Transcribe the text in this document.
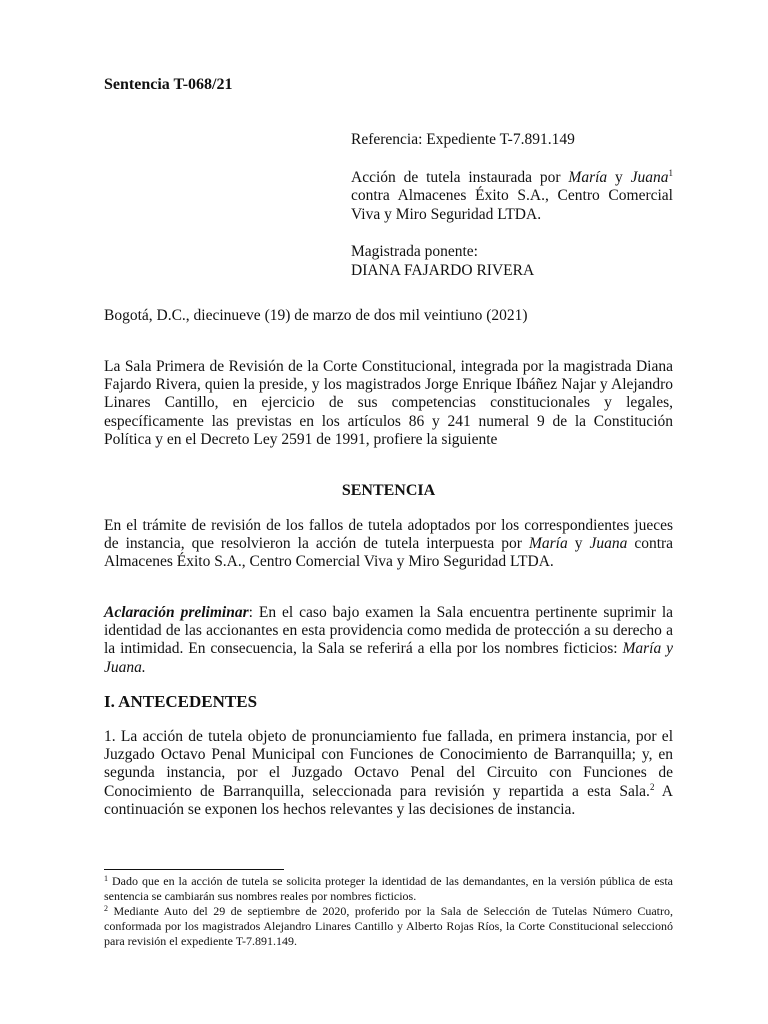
Sentencia T-068/21

Referencia: Expediente T-7.891.149

Acción de tutela instaurada por María y Juana$^1$ contra Almacenes Éxito S.A., Centro Comercial Viva y Miro Seguridad LTDA.

Magistrada ponente:
DIANA FAJARDO RIVERA

Bogotá, D.C., diecinueve (19) de marzo de dos mil veintiuno (2021)

La Sala Primera de Revisión de la Corte Constitucional, integrada por la magistrada Diana Fajardo Rivera, quien la preside, y los magistrados Jorge Enrique Ibáñez Najar y Alejandro Linares Cantillo, en ejercicio de sus competencias constitucionales y legales, específicamente las previstas en los artículos 86 y 241 numeral 9 de la Constitución Política y en el Decreto Ley 2591 de 1991, profiere la siguiente

SENTENCIA

En el trámite de revisión de los fallos de tutela adoptados por los correspondientes jueces de instancia, que resolvieron la acción de tutela interpuesta por María y Juana contra Almacenes Éxito S.A., Centro Comercial Viva y Miro Seguridad LTDA.

Aclaración preliminar: En el caso bajo examen la Sala encuentra pertinente suprimir la identidad de las accionantes en esta providencia como medida de protección a su derecho a la intimidad. En consecuencia, la Sala se referirá a ella por los nombres ficticios: María y Juana.

I. ANTECEDENTES

1. La acción de tutela objeto de pronunciamiento fue fallada, en primera instancia, por el Juzgado Octavo Penal Municipal con Funciones de Conocimiento de Barranquilla; y, en segunda instancia, por el Juzgado Octavo Penal del Circuito con Funciones de Conocimiento de Barranquilla, seleccionada para revisión y repartida a esta Sala.$^2$ A continuación se exponen los hechos relevantes y las decisiones de instancia.

$^1$ Dado que en la acción de tutela se solicita proteger la identidad de las demandantes, en la versión pública de esta sentencia se cambiarán sus nombres reales por nombres ficticios.

$^2$ Mediante Auto del 29 de septiembre de 2020, proferido por la Sala de Selección de Tutelas Número Cuatro, conformada por los magistrados Alejandro Linares Cantillo y Alberto Rojas Ríos, la Corte Constitucional seleccionó para revisión el expediente T-7.891.149.
